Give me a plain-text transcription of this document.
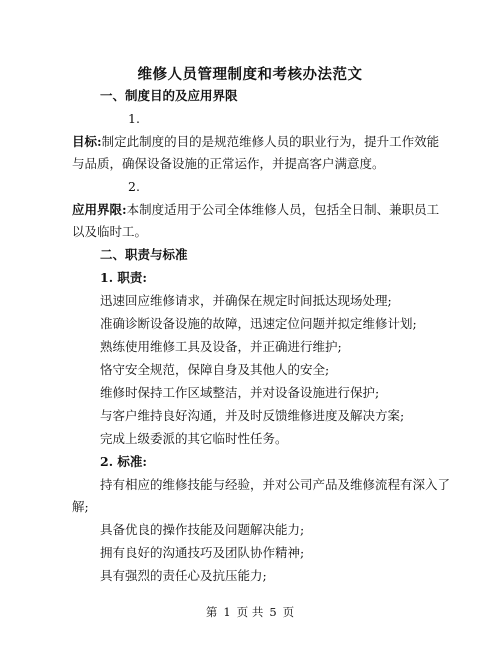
维修人员管理制度和考核办法范文
一、制度目的及应用界限
1.
目标:制定此制度的目的是规范维修人员的职业行为，提升工作效能
与品质，确保设备设施的正常运作，并提高客户满意度。
2.
应用界限:本制度适用于公司全体维修人员，包括全日制、兼职员工
以及临时工。
二、职责与标准
1. 职责:
迅速回应维修请求，并确保在规定时间抵达现场处理;
准确诊断设备设施的故障，迅速定位问题并拟定维修计划;
熟练使用维修工具及设备，并正确进行维护;
恪守安全规范，保障自身及其他人的安全;
维修时保持工作区域整洁，并对设备设施进行保护;
与客户维持良好沟通，并及时反馈维修进度及解决方案;
完成上级委派的其它临时性任务。
2. 标准:
持有相应的维修技能与经验，并对公司产品及维修流程有深入了
解;
具备优良的操作技能及问题解决能力;
拥有良好的沟通技巧及团队协作精神;
具有强烈的责任心及抗压能力;
第 1 页 共 5 页
